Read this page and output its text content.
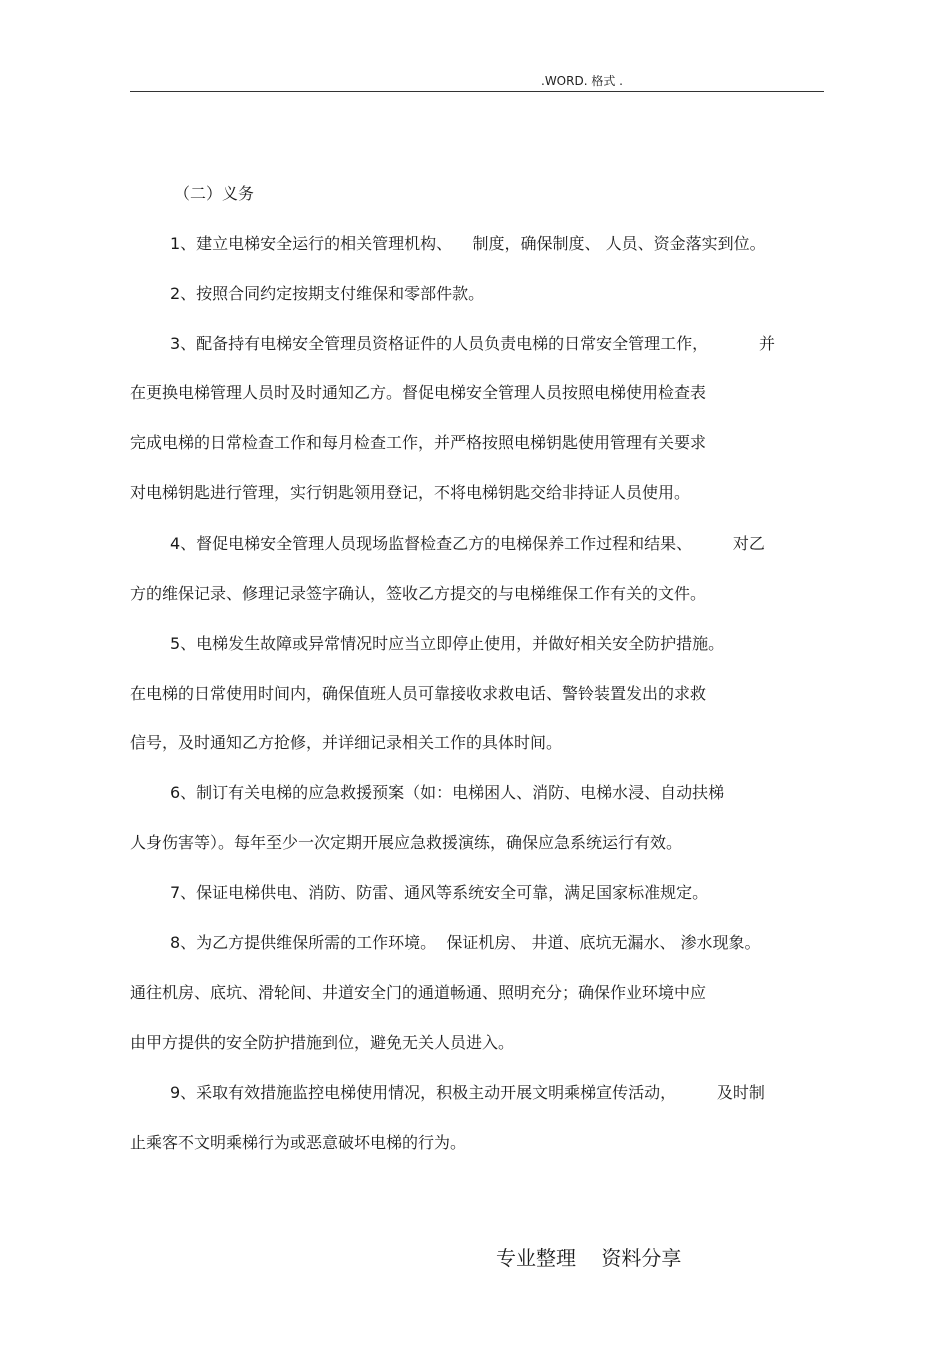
.WORD. 格式 .
（二）义务
1、建立电梯安全运行的相关管理机构、    制度，确保制度、 人员、资金落实到位。
2、按照合同约定按期支付维保和零部件款。
3、配备持有电梯安全管理员资格证件的人员负责电梯的日常安全管理工作，          并
在更换电梯管理人员时及时通知乙方。督促电梯安全管理人员按照电梯使用检查表
完成电梯的日常检查工作和每月检查工作，并严格按照电梯钥匙使用管理有关要求
对电梯钥匙进行管理，实行钥匙领用登记，不将电梯钥匙交给非持证人员使用。
4、督促电梯安全管理人员现场监督检查乙方的电梯保养工作过程和结果、        对乙
方的维保记录、修理记录签字确认，签收乙方提交的与电梯维保工作有关的文件。
5、电梯发生故障或异常情况时应当立即停止使用，并做好相关安全防护措施。
在电梯的日常使用时间内，确保值班人员可靠接收求救电话、警铃装置发出的求救
信号，及时通知乙方抢修，并详细记录相关工作的具体时间。
6、制订有关电梯的应急救援预案（如：电梯困人、消防、电梯水浸、自动扶梯
人身伤害等）。每年至少一次定期开展应急救援演练，确保应急系统运行有效。
7、保证电梯供电、消防、防雷、通风等系统安全可靠，满足国家标准规定。
8、为乙方提供维保所需的工作环境。  保证机房、 井道、底坑无漏水、 渗水现象。
通往机房、底坑、滑轮间、井道安全门的通道畅通、照明充分；确保作业环境中应
由甲方提供的安全防护措施到位，避免无关人员进入。
9、采取有效措施监控电梯使用情况，积极主动开展文明乘梯宣传活动，        及时制
止乘客不文明乘梯行为或恶意破坏电梯的行为。
专业整理    资料分享
